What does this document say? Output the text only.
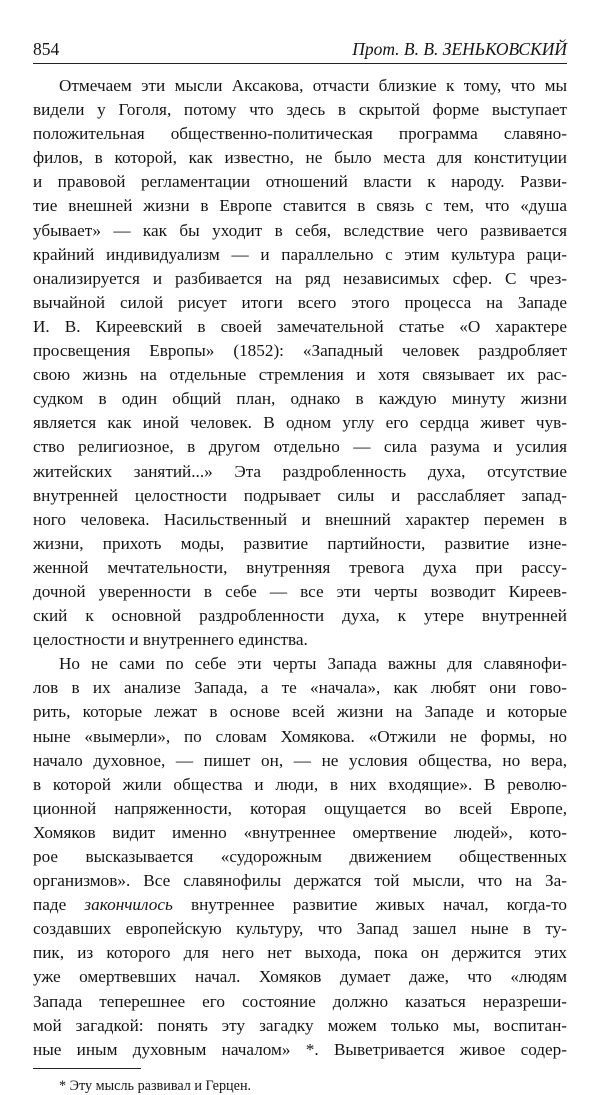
854	Прот. В. В. ЗЕНЬКОВСКИЙ
Отмечаем эти мысли Аксакова, отчасти близкие к тому, что мы
видели у Гоголя, потому что здесь в скрытой форме выступает
положительная общественно-политическая программа славяно-
филов, в которой, как известно, не было места для конституции
и правовой регламентации отношений власти к народу. Разви-
тие внешней жизни в Европе ставится в связь с тем, что «душа
убывает» — как бы уходит в себя, вследствие чего развивается
крайний индивидуализм — и параллельно с этим культура раци-
онализируется и разбивается на ряд независимых сфер. С чрез-
вычайной силой рисует итоги всего этого процесса на Западе
И. В. Киреевский в своей замечательной статье «О характере
просвещения Европы» (1852): «Западный человек раздробляет
свою жизнь на отдельные стремления и хотя связывает их рас-
судком в один общий план, однако в каждую минуту жизни
является как иной человек. В одном углу его сердца живет чув-
ство религиозное, в другом отдельно — сила разума и усилия
житейских занятий...» Эта раздробленность духа, отсутствие
внутренней целостности подрывает силы и расслабляет запад-
ного человека. Насильственный и внешний характер перемен в
жизни, прихоть моды, развитие партийности, развитие изне-
женной мечтательности, внутренняя тревога духа при рассу-
дочной уверенности в себе — все эти черты возводит Киреев-
ский к основной раздробленности духа, к утере внутренней
целостности и внутреннего единства.
Но не сами по себе эти черты Запада важны для славянофи-
лов в их анализе Запада, а те «начала», как любят они гово-
рить, которые лежат в основе всей жизни на Западе и которые
ныне «вымерли», по словам Хомякова. «Отжили не формы, но
начало духовное, — пишет он, — не условия общества, но вера,
в которой жили общества и люди, в них входящие». В револю-
ционной напряженности, которая ощущается во всей Европе,
Хомяков видит именно «внутреннее омертвение людей», кото-
рое высказывается «судорожным движением общественных
организмов». Все славянофилы держатся той мысли, что на За-
паде закончилось внутреннее развитие живых начал, когда-то
создавших европейскую культуру, что Запад зашел ныне в ту-
пик, из которого для него нет выхода, пока он держится этих
уже омертвевших начал. Хомяков думает даже, что «людям
Запада теперешнее его состояние должно казаться неразреши-
мой загадкой: понять эту загадку можем только мы, воспитан-
ные иным духовным началом» *. Выветривается живое содер-
* Эту мысль развивал и Герцен.
